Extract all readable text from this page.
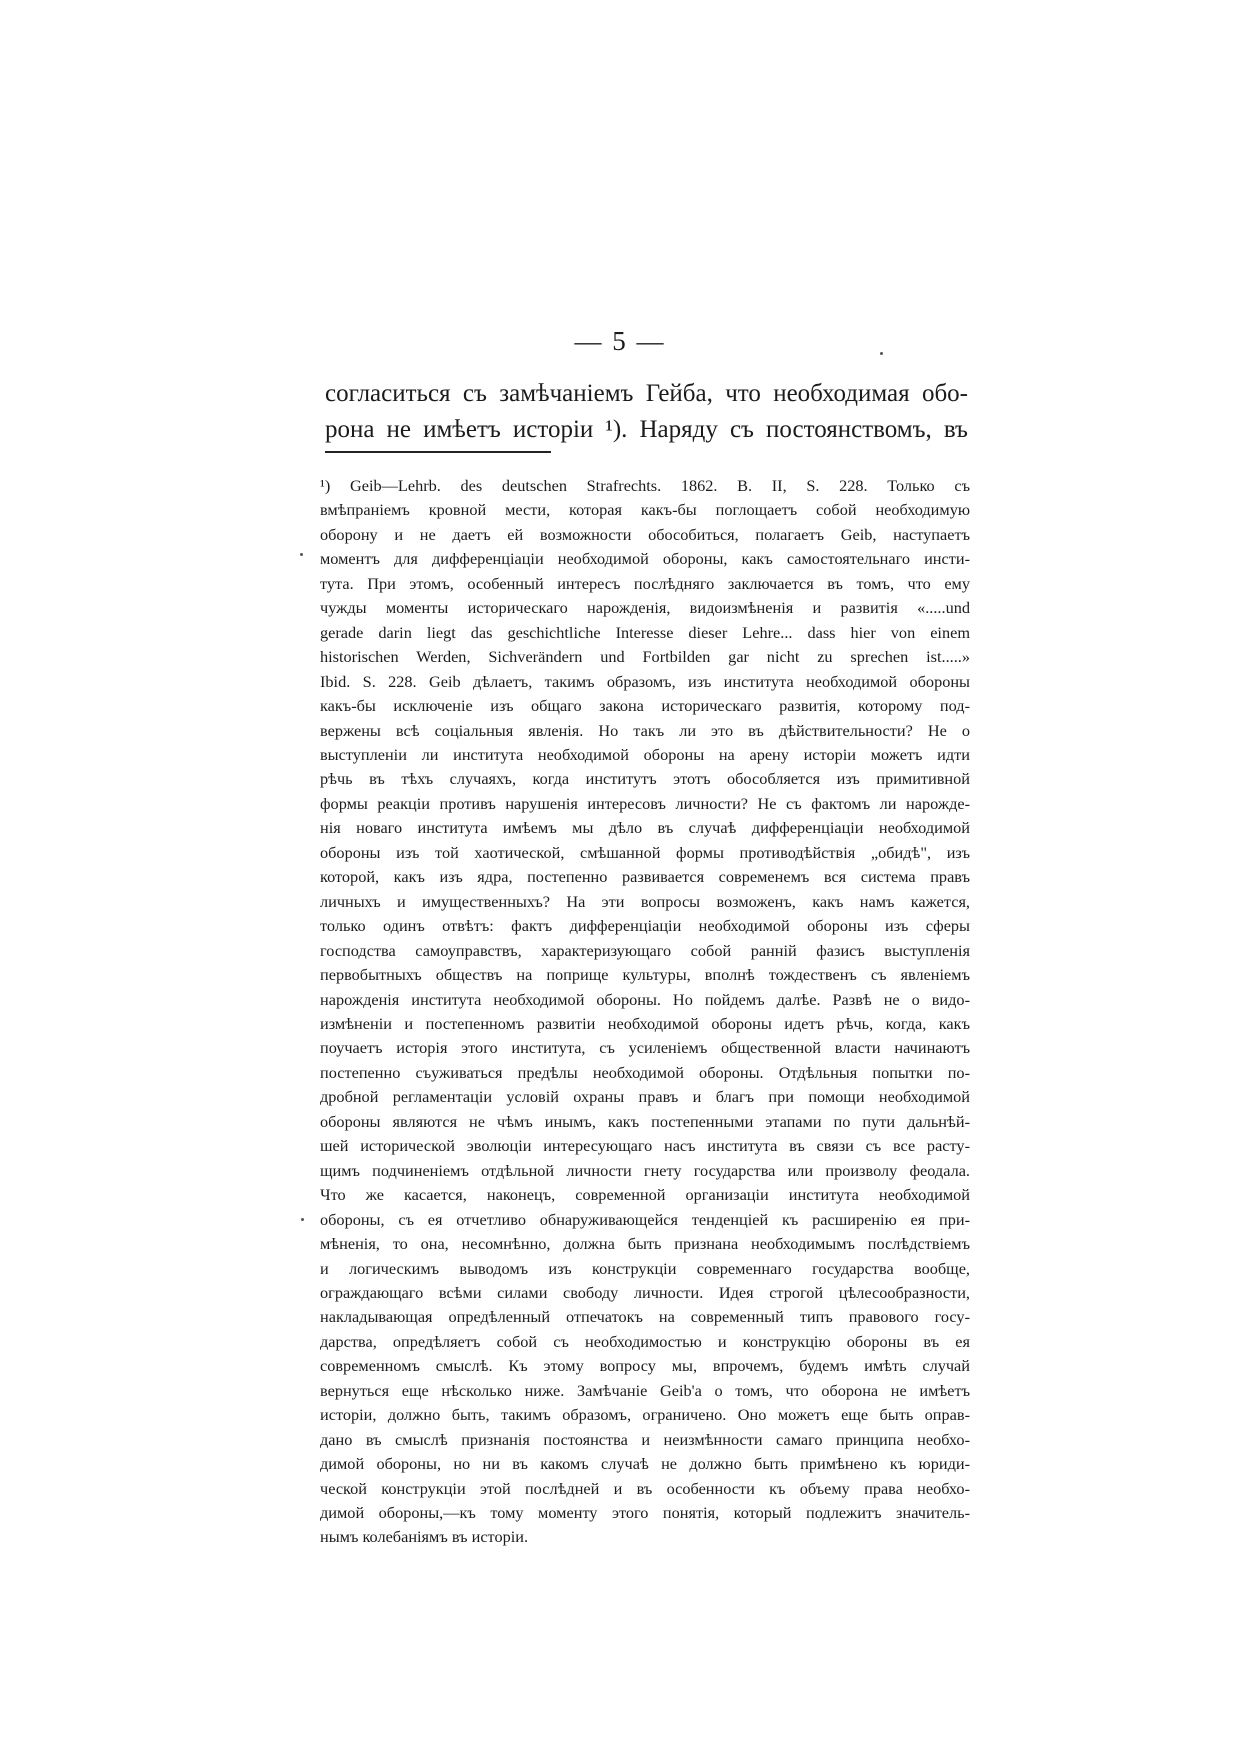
— 5 —
согласиться съ замѣчаніемъ Гейба, что необходимая обо-
рона не имѣетъ исторіи ¹). Наряду съ постоянствомъ, въ
¹) Geib—Lehrb. des deutschen Strafrechts. 1862. B. II, S. 228. Только съ
вмѣпраніемъ кровной мести, которая какъ-бы поглощаетъ собой необходимую
оборону и не даетъ ей возможности обособиться, полагаетъ Geib, наступаетъ
моментъ для дифференціаціи необходимой обороны, какъ самостоятельнаго инсти-
тута. При этомъ, особенный интересъ послѣдняго заключается въ томъ, что ему
чужды моменты историческаго нарожденія, видоизмѣненія и развитія «.....und
gerade darin liegt das geschichtliche Interesse dieser Lehre... dass hier von einem
historischen Werden, Sichverändern und Fortbilden gar nicht zu sprechen ist.....»
Ibid. S. 228. Geib дѣлаетъ, такимъ образомъ, изъ института необходимой обороны
какъ-бы исключеніе изъ общаго закона историческаго развитія, которому под-
вержены всѣ соціальныя явленія. Но такъ ли это въ дѣйствительности? Не о
выступленіи ли института необходимой обороны на арену исторіи можетъ идти
рѣчь въ тѣхъ случаяхъ, когда институтъ этотъ обособляется изъ примитивной
формы реакціи противъ нарушенія интересовъ личности? Не съ фактомъ ли нарожде-
нія новаго института имѣемъ мы дѣло въ случаѣ дифференціаціи необходимой
обороны изъ той хаотической, смѣшанной формы противодѣйствія „обидѣ", изъ
которой, какъ изъ ядра, постепенно развивается современемъ вся система правъ
личныхъ и имущественныхъ? На эти вопросы возможенъ, какъ намъ кажется,
только одинъ отвѣтъ: фактъ дифференціаціи необходимой обороны изъ сферы
господства самоуправствъ, характеризующаго собой ранній фазисъ выступленія
первобытныхъ обществъ на поприще культуры, вполнѣ тождественъ съ явленіемъ
нарожденія института необходимой обороны. Но пойдемъ далѣе. Развѣ не о видо-
измѣненіи и постепенномъ развитіи необходимой обороны идетъ рѣчь, когда, какъ
поучаетъ исторія этого института, съ усиленіемъ общественной власти начинаютъ
постепенно съуживаться предѣлы необходимой обороны. Отдѣльныя попытки по-
дробной регламентаціи условій охраны правъ и благъ при помощи необходимой
обороны являются не чѣмъ инымъ, какъ постепенными этапами по пути дальнѣй-
шей исторической эволюціи интересующаго насъ института въ связи съ все расту-
щимъ подчиненіемъ отдѣльной личности гнету государства или произволу феодала.
Что же касается, наконецъ, современной организаціи института необходимой
обороны, съ ея отчетливо обнаруживающейся тенденціей къ расширенію ея при-
мѣненія, то она, несомнѣнно, должна быть признана необходимымъ послѣдствіемъ
и логическимъ выводомъ изъ конструкціи современнаго государства вообще,
ограждающаго всѣми силами свободу личности. Идея строгой цѣлесообразности,
накладывающая опредѣленный отпечатокъ на современный типъ правового госу-
дарства, опредѣляетъ собой съ необходимостью и конструкцію обороны въ ея
современномъ смыслѣ. Къ этому вопросу мы, впрочемъ, будемъ имѣть случай
вернуться еще нѣсколько ниже. Замѣчаніе Geib'a о томъ, что оборона не имѣетъ
исторіи, должно быть, такимъ образомъ, ограничено. Оно можетъ еще быть оправ-
дано въ смыслѣ признанія постоянства и неизмѣнности самаго принципа необхо-
димой обороны, но ни въ какомъ случаѣ не должно быть примѣнено къ юриди-
ческой конструкціи этой послѣдней и въ особенности къ объему права необхо-
димой обороны,—къ тому моменту этого понятія, который подлежитъ значитель-
нымъ колебаніямъ въ исторіи.
